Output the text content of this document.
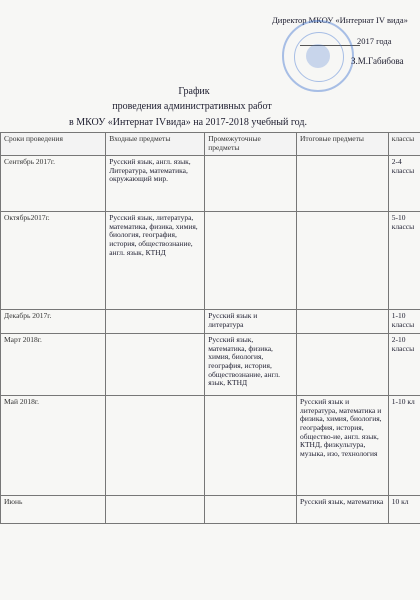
Директор МКОУ «Интернат IV вида»
2017 года
З.М.Габибова
График
проведения административных работ
в МКОУ «Интернат IVвида» на 2017-2018 учебный год.
Сроки проведения	Входные предметы	Промежуточные предметы	Итоговые предметы	классы
Сентябрь 2017г.	Русский язык, англ. язык, Литература, математика, окружающий мир.			2-4 классы
Октябрь2017г.	Русский язык, литература, математика, физика, химия, биология, география, история, обществознание, англ. язык, КТНД			5-10 классы
Декабрь 2017г.		Русский язык и литература		1-10 классы
Март 2018г.		Русский язык, математика, физика, химия, биология, география, история, обществознание, англ. язык, КТНД		2-10 классы
Май 2018г.			Русский язык и литература, математика и физика, химия, биология, география, история, общество-ие, англ. язык, КТНД, физкультура, музыка, изо, технология	1-10 кл
Июнь			Русский язык, математика	10 кл
